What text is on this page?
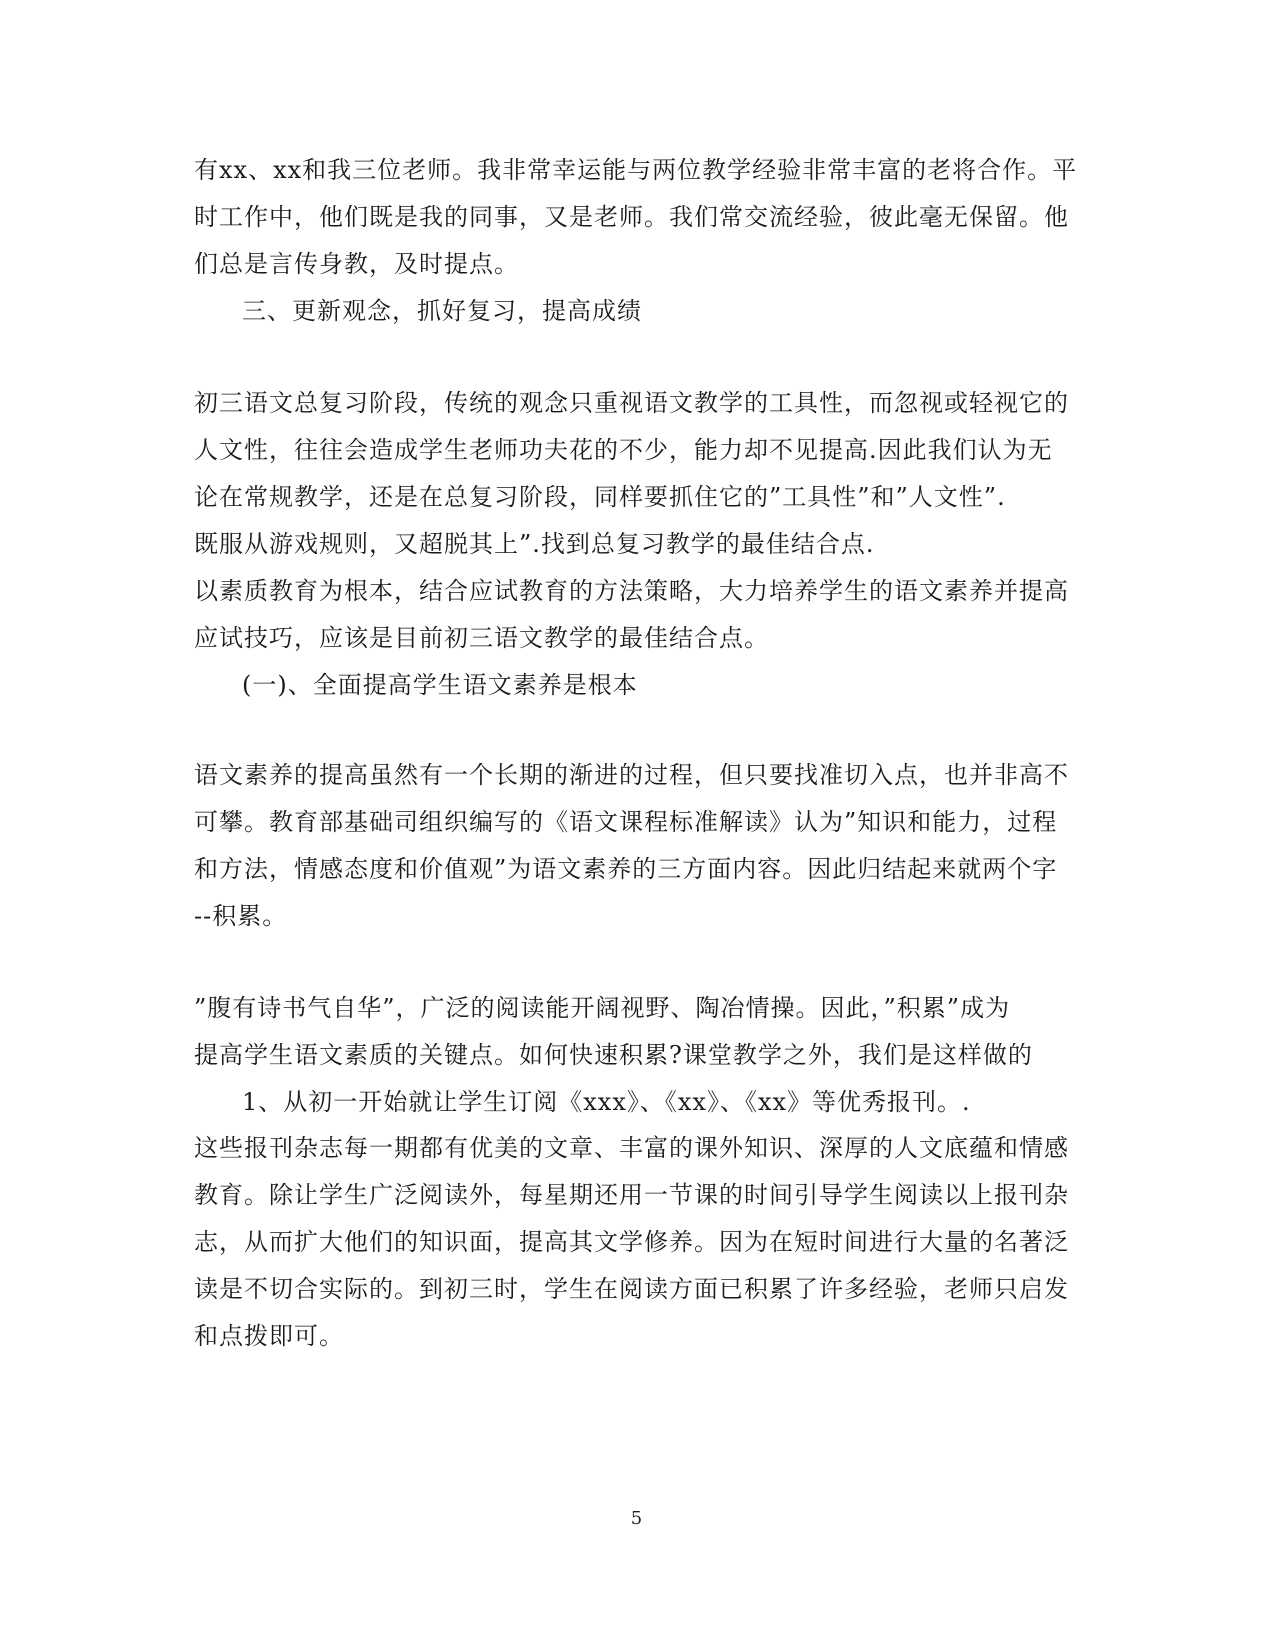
有xx、xx和我三位老师。我非常幸运能与两位教学经验非常丰富的老将合作。平
时工作中，他们既是我的同事，又是老师。我们常交流经验，彼此毫无保留。他
们总是言传身教，及时提点。
三、更新观念，抓好复习，提高成绩
初三语文总复习阶段，传统的观念只重视语文教学的工具性，而忽视或轻视它的
人文性，往往会造成学生老师功夫花的不少，能力却不见提高.因此我们认为无
论在常规教学，还是在总复习阶段，同样要抓住它的”工具性”和”人文性”.
既服从游戏规则，又超脱其上”.找到总复习教学的最佳结合点.
以素质教育为根本，结合应试教育的方法策略，大力培养学生的语文素养并提高
应试技巧，应该是目前初三语文教学的最佳结合点。
(一)、全面提高学生语文素养是根本
语文素养的提高虽然有一个长期的渐进的过程，但只要找准切入点，也并非高不
可攀。教育部基础司组织编写的《语文课程标准解读》认为”知识和能力，过程
和方法，情感态度和价值观”为语文素养的三方面内容。因此归结起来就两个字
--积累。
”腹有诗书气自华”，广泛的阅读能开阔视野、陶冶情操。因此，”积累”成为
提高学生语文素质的关键点。如何快速积累?课堂教学之外，我们是这样做的
1、从初一开始就让学生订阅《xxx》、《xx》、《xx》等优秀报刊。.
这些报刊杂志每一期都有优美的文章、丰富的课外知识、深厚的人文底蕴和情感
教育。除让学生广泛阅读外，每星期还用一节课的时间引导学生阅读以上报刊杂
志，从而扩大他们的知识面，提高其文学修养。因为在短时间进行大量的名著泛
读是不切合实际的。到初三时，学生在阅读方面已积累了许多经验，老师只启发
和点拨即可。
5
